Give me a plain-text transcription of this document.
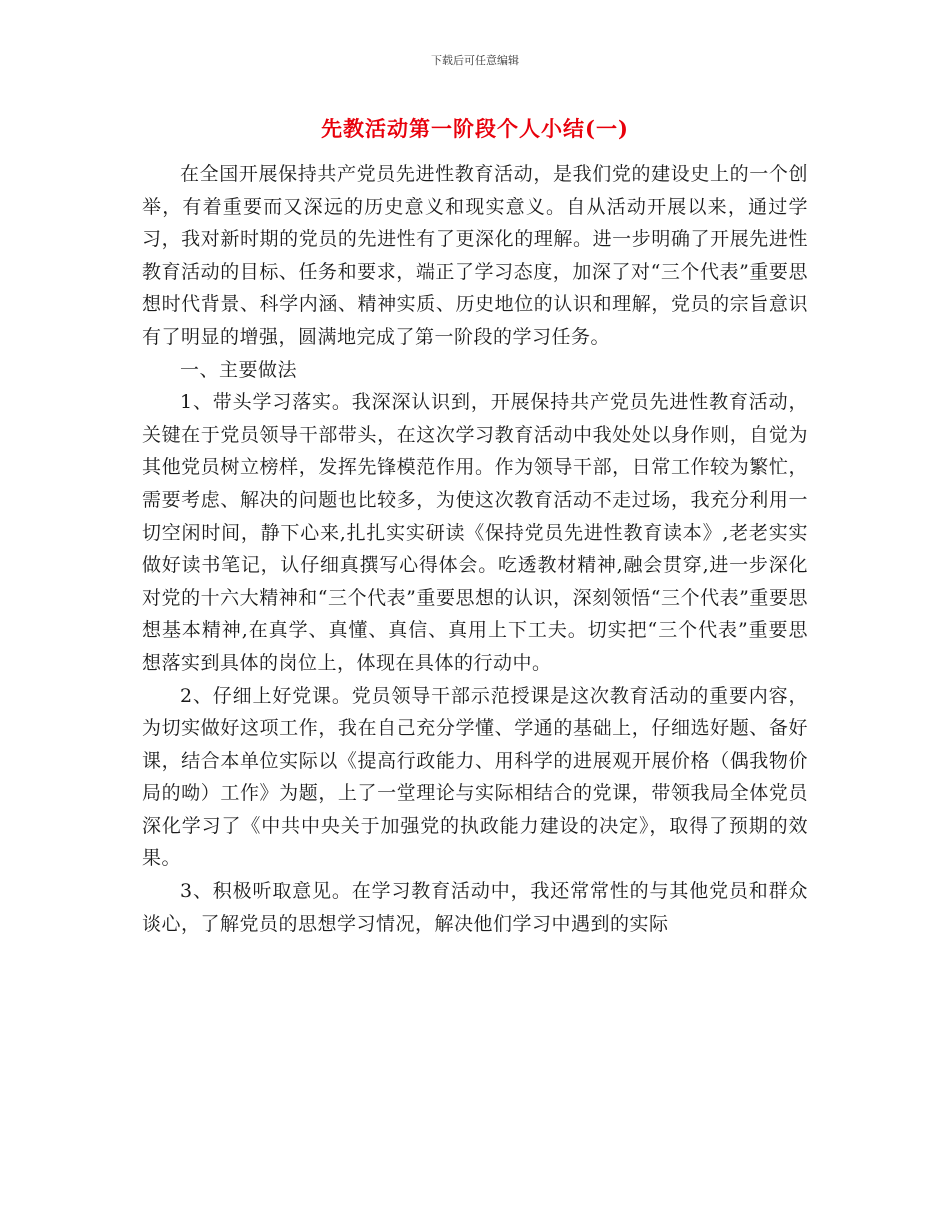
下载后可任意编辑
先教活动第一阶段个人小结(一)

在全国开展保持共产党员先进性教育活动，是我们党的建设史上的一个创举，有着重要而又深远的历史意义和现实意义。自从活动开展以来，通过学习，我对新时期的党员的先进性有了更深化的理解。进一步明确了开展先进性教育活动的目标、任务和要求，端正了学习态度，加深了对“三个代表”重要思想时代背景、科学内涵、精神实质、历史地位的认识和理解，党员的宗旨意识有了明显的增强，圆满地完成了第一阶段的学习任务。

一、主要做法

1、带头学习落实。我深深认识到，开展保持共产党员先进性教育活动，关键在于党员领导干部带头，在这次学习教育活动中我处处以身作则，自觉为其他党员树立榜样，发挥先锋模范作用。作为领导干部，日常工作较为繁忙，需要考虑、解决的问题也比较多，为使这次教育活动不走过场，我充分利用一切空闲时间，静下心来,扎扎实实研读《保持党员先进性教育读本》,老老实实做好读书笔记，认仔细真撰写心得体会。吃透教材精神,融会贯穿,进一步深化对党的十六大精神和“三个代表”重要思想的认识，深刻领悟“三个代表”重要思想基本精神,在真学、真懂、真信、真用上下工夫。切实把“三个代表”重要思想落实到具体的岗位上，体现在具体的行动中。

2、仔细上好党课。党员领导干部示范授课是这次教育活动的重要内容，为切实做好这项工作，我在自己充分学懂、学通的基础上，仔细选好题、备好课，结合本单位实际以《提高行政能力、用科学的进展观开展价格（偶我物价局的呦）工作》为题，上了一堂理论与实际相结合的党课，带领我局全体党员深化学习了《中共中央关于加强党的执政能力建设的决定》，取得了预期的效果。

3、积极听取意见。在学习教育活动中，我还常常性的与其他党员和群众谈心，了解党员的思想学习情况，解决他们学习中遇到的实际
